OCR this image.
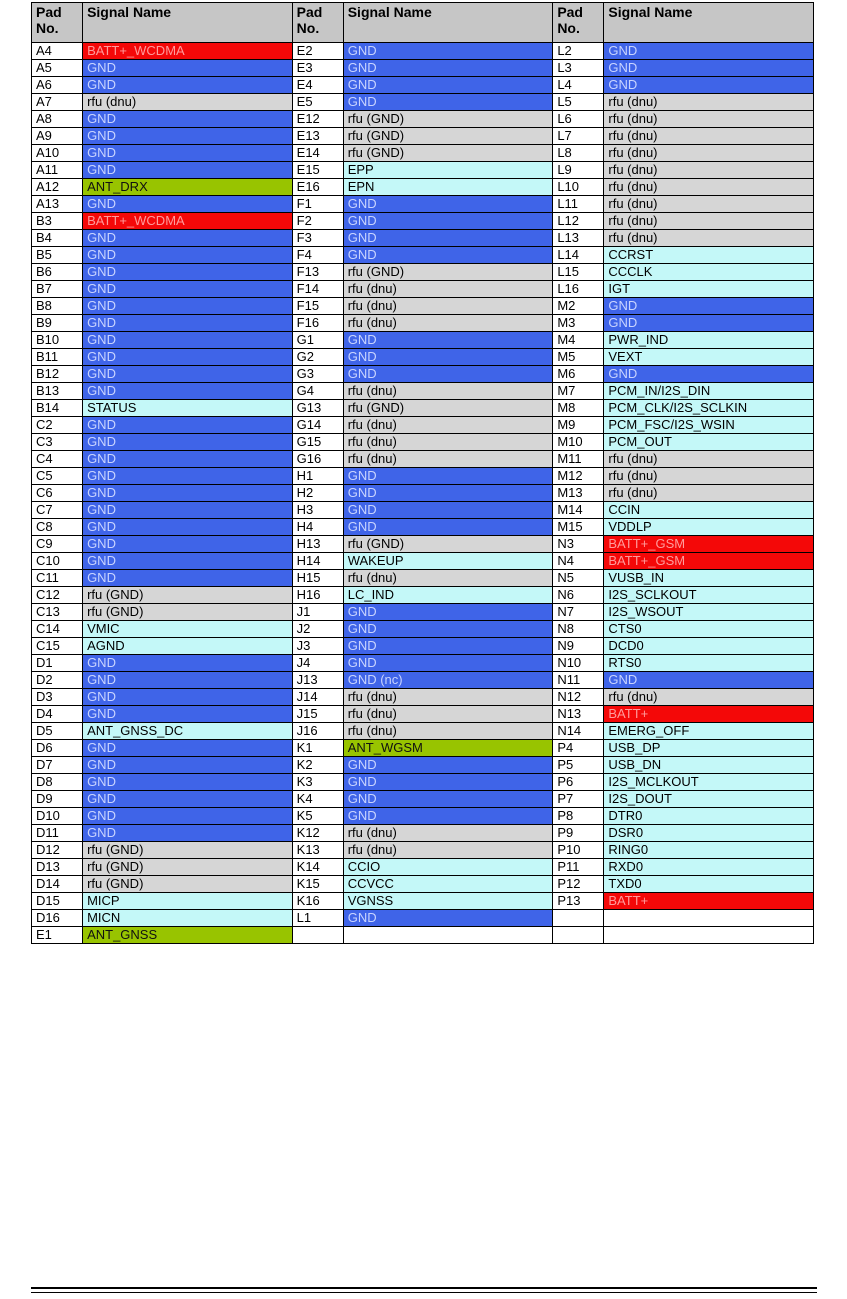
Pad
No.	Signal Name	Pad
No.	Signal Name	Pad
No.	Signal Name
A4	BATT+_WCDMA	E2	GND	L2	GND
A5	GND	E3	GND	L3	GND
A6	GND	E4	GND	L4	GND
A7	rfu (dnu)	E5	GND	L5	rfu (dnu)
A8	GND	E12	rfu (GND)	L6	rfu (dnu)
A9	GND	E13	rfu (GND)	L7	rfu (dnu)
A10	GND	E14	rfu (GND)	L8	rfu (dnu)
A11	GND	E15	EPP	L9	rfu (dnu)
A12	ANT_DRX	E16	EPN	L10	rfu (dnu)
A13	GND	F1	GND	L11	rfu (dnu)
B3	BATT+_WCDMA	F2	GND	L12	rfu (dnu)
B4	GND	F3	GND	L13	rfu (dnu)
B5	GND	F4	GND	L14	CCRST
B6	GND	F13	rfu (GND)	L15	CCCLK
B7	GND	F14	rfu (dnu)	L16	IGT
B8	GND	F15	rfu (dnu)	M2	GND
B9	GND	F16	rfu (dnu)	M3	GND
B10	GND	G1	GND	M4	PWR_IND
B11	GND	G2	GND	M5	VEXT
B12	GND	G3	GND	M6	GND
B13	GND	G4	rfu (dnu)	M7	PCM_IN/I2S_DIN
B14	STATUS	G13	rfu (GND)	M8	PCM_CLK/I2S_SCLKIN
C2	GND	G14	rfu (dnu)	M9	PCM_FSC/I2S_WSIN
C3	GND	G15	rfu (dnu)	M10	PCM_OUT
C4	GND	G16	rfu (dnu)	M11	rfu (dnu)
C5	GND	H1	GND	M12	rfu (dnu)
C6	GND	H2	GND	M13	rfu (dnu)
C7	GND	H3	GND	M14	CCIN
C8	GND	H4	GND	M15	VDDLP
C9	GND	H13	rfu (GND)	N3	BATT+_GSM
C10	GND	H14	WAKEUP	N4	BATT+_GSM
C11	GND	H15	rfu (dnu)	N5	VUSB_IN
C12	rfu (GND)	H16	LC_IND	N6	I2S_SCLKOUT
C13	rfu (GND)	J1	GND	N7	I2S_WSOUT
C14	VMIC	J2	GND	N8	CTS0
C15	AGND	J3	GND	N9	DCD0
D1	GND	J4	GND	N10	RTS0
D2	GND	J13	GND (nc)	N11	GND
D3	GND	J14	rfu (dnu)	N12	rfu (dnu)
D4	GND	J15	rfu (dnu)	N13	BATT+
D5	ANT_GNSS_DC	J16	rfu (dnu)	N14	EMERG_OFF
D6	GND	K1	ANT_WGSM	P4	USB_DP
D7	GND	K2	GND	P5	USB_DN
D8	GND	K3	GND	P6	I2S_MCLKOUT
D9	GND	K4	GND	P7	I2S_DOUT
D10	GND	K5	GND	P8	DTR0
D11	GND	K12	rfu (dnu)	P9	DSR0
D12	rfu (GND)	K13	rfu (dnu)	P10	RING0
D13	rfu (GND)	K14	CCIO	P11	RXD0
D14	rfu (GND)	K15	CCVCC	P12	TXD0
D15	MICP	K16	VGNSS	P13	BATT+
D16	MICN	L1	GND		
E1	ANT_GNSS				
